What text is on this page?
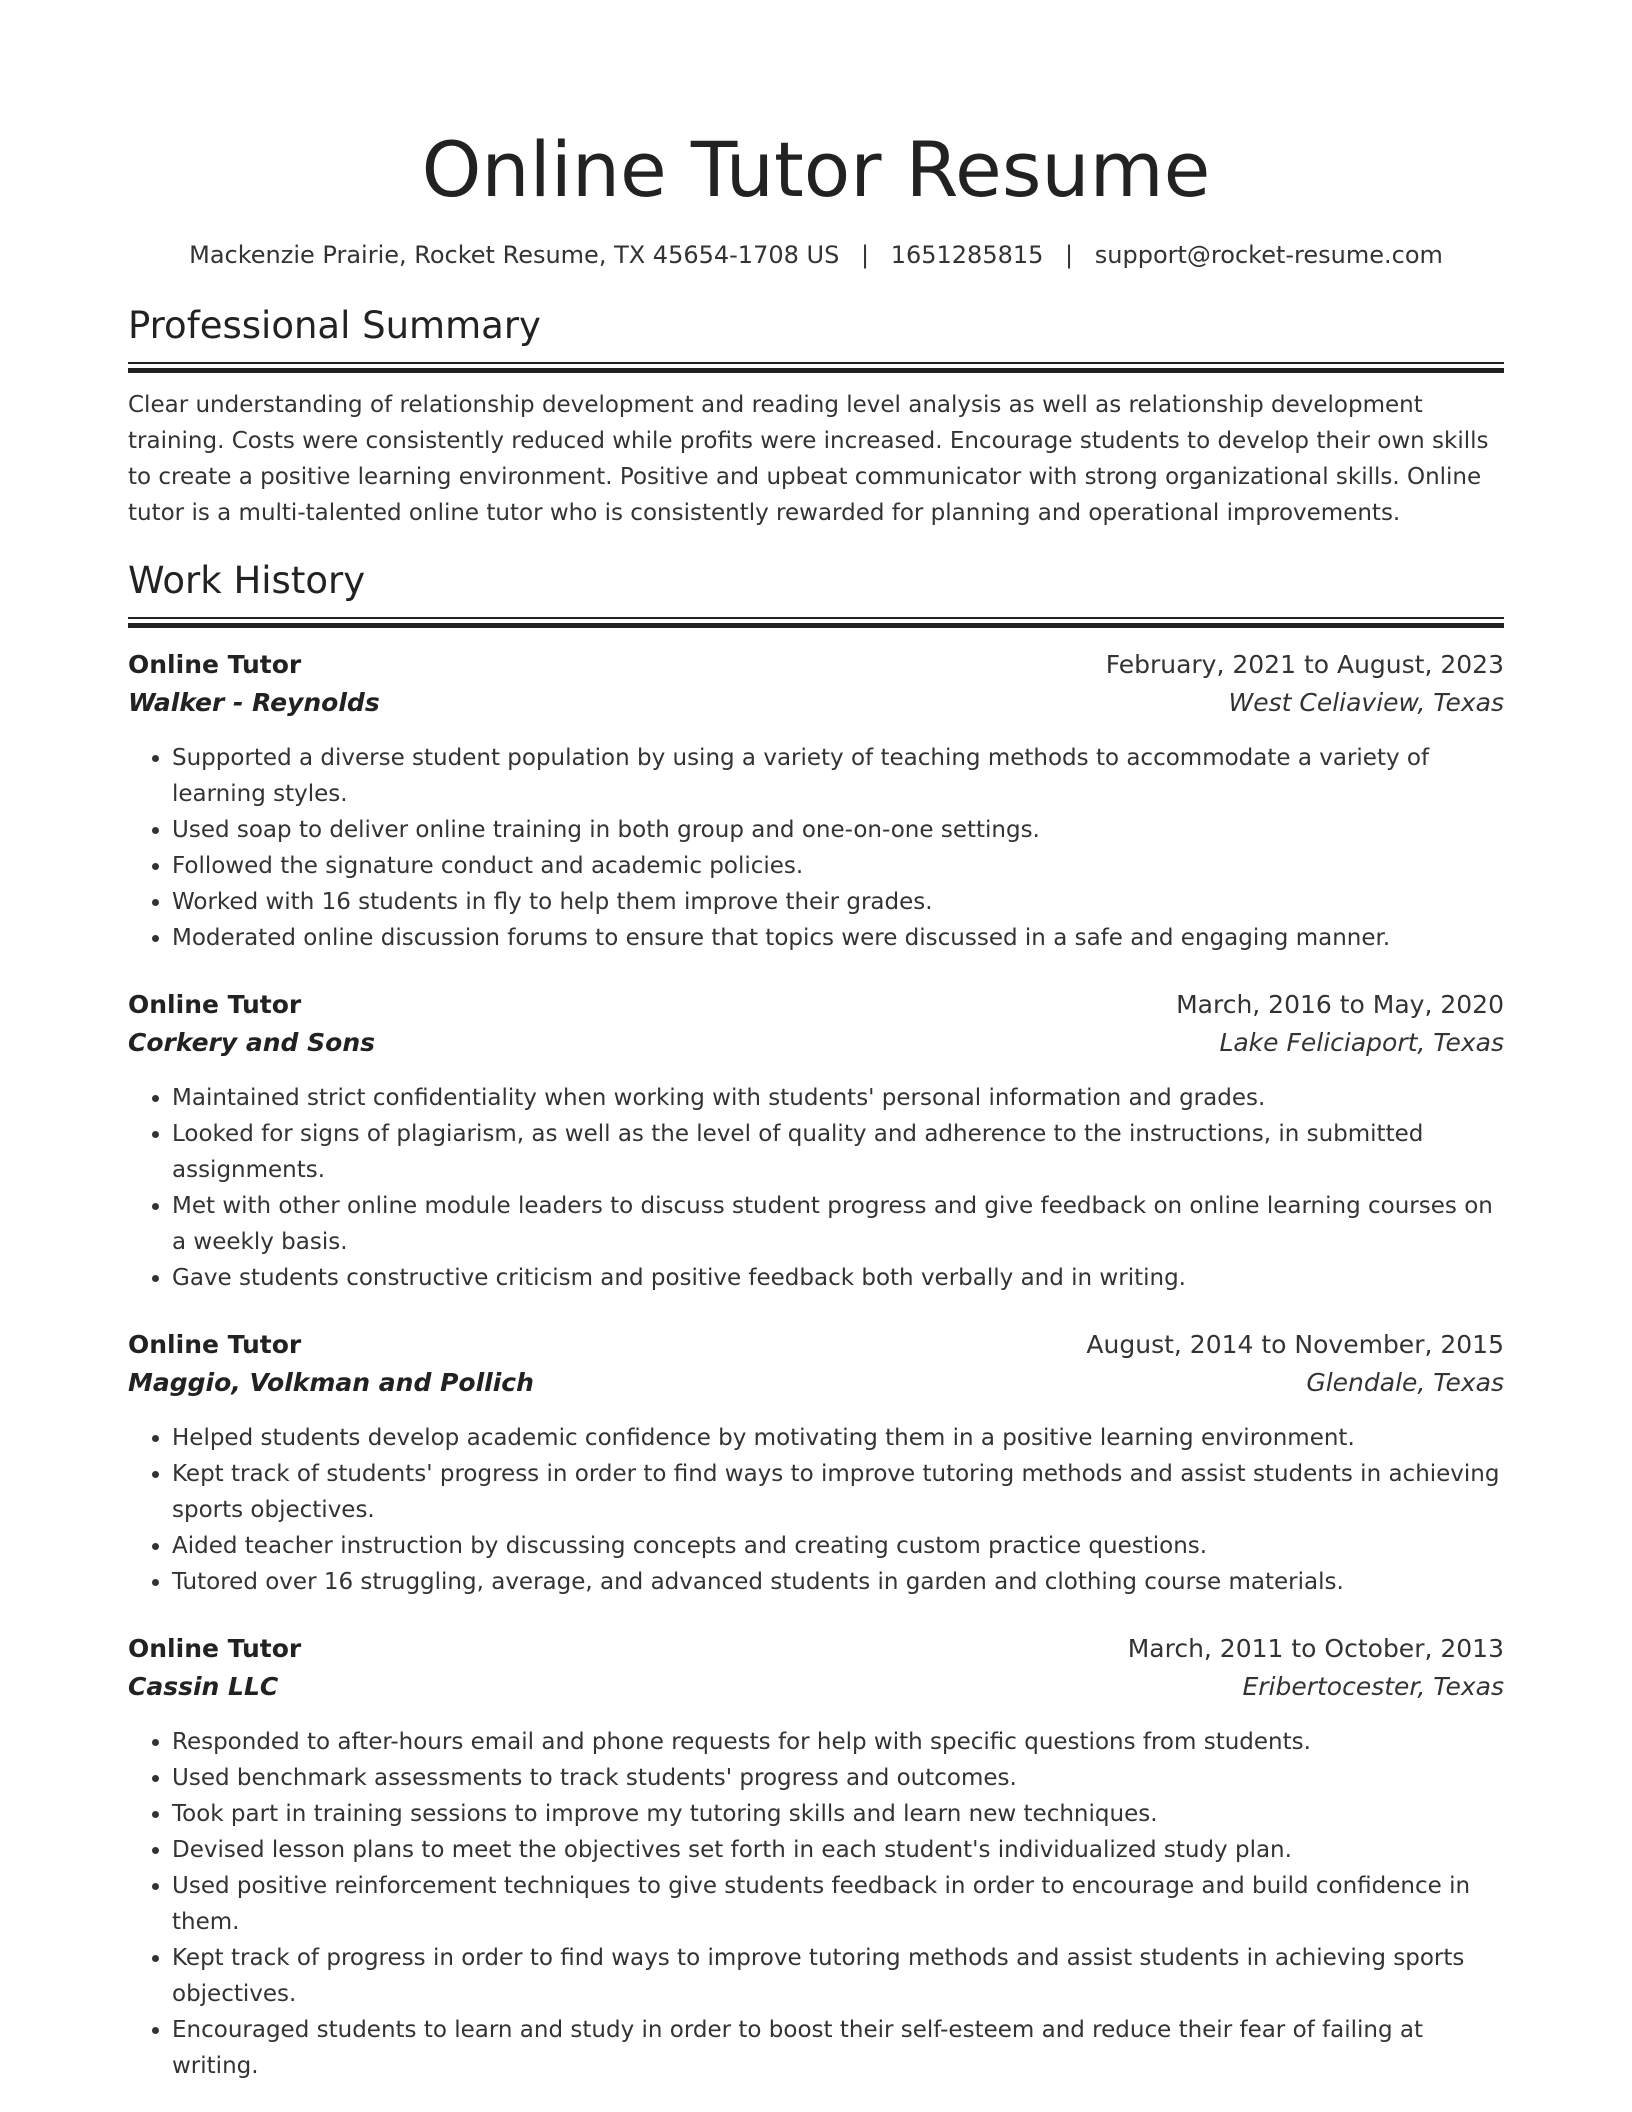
Online Tutor Resume
Mackenzie Prairie, Rocket Resume, TX 45654-1708 US | 1651285815 | support@rocket-resume.com
Professional Summary

Clear understanding of relationship development and reading level analysis as well as relationship development training. Costs were consistently reduced while profits were increased. Encourage students to develop their own skills to create a positive learning environment. Positive and upbeat communicator with strong organizational skills. Online tutor is a multi-talented online tutor who is consistently rewarded for planning and operational improvements.

Work History
Online Tutor	February, 2021 to August, 2023
Walker - Reynolds	West Celiaview, Texas
• Supported a diverse student population by using a variety of teaching methods to accommodate a variety of learning styles.
• Used soap to deliver online training in both group and one-on-one settings.
• Followed the signature conduct and academic policies.
• Worked with 16 students in fly to help them improve their grades.
• Moderated online discussion forums to ensure that topics were discussed in a safe and engaging manner.
Online Tutor	March, 2016 to May, 2020
Corkery and Sons	Lake Feliciaport, Texas
• Maintained strict confidentiality when working with students' personal information and grades.
• Looked for signs of plagiarism, as well as the level of quality and adherence to the instructions, in submitted assignments.
• Met with other online module leaders to discuss student progress and give feedback on online learning courses on a weekly basis.
• Gave students constructive criticism and positive feedback both verbally and in writing.
Online Tutor	August, 2014 to November, 2015
Maggio, Volkman and Pollich	Glendale, Texas
• Helped students develop academic confidence by motivating them in a positive learning environment.
• Kept track of students' progress in order to find ways to improve tutoring methods and assist students in achieving sports objectives.
• Aided teacher instruction by discussing concepts and creating custom practice questions.
• Tutored over 16 struggling, average, and advanced students in garden and clothing course materials.
Online Tutor	March, 2011 to October, 2013
Cassin LLC	Eribertocester, Texas
• Responded to after-hours email and phone requests for help with specific questions from students.
• Used benchmark assessments to track students' progress and outcomes.
• Took part in training sessions to improve my tutoring skills and learn new techniques.
• Devised lesson plans to meet the objectives set forth in each student's individualized study plan.
• Used positive reinforcement techniques to give students feedback in order to encourage and build confidence in them.
• Kept track of progress in order to find ways to improve tutoring methods and assist students in achieving sports objectives.
• Encouraged students to learn and study in order to boost their self-esteem and reduce their fear of failing at writing.
